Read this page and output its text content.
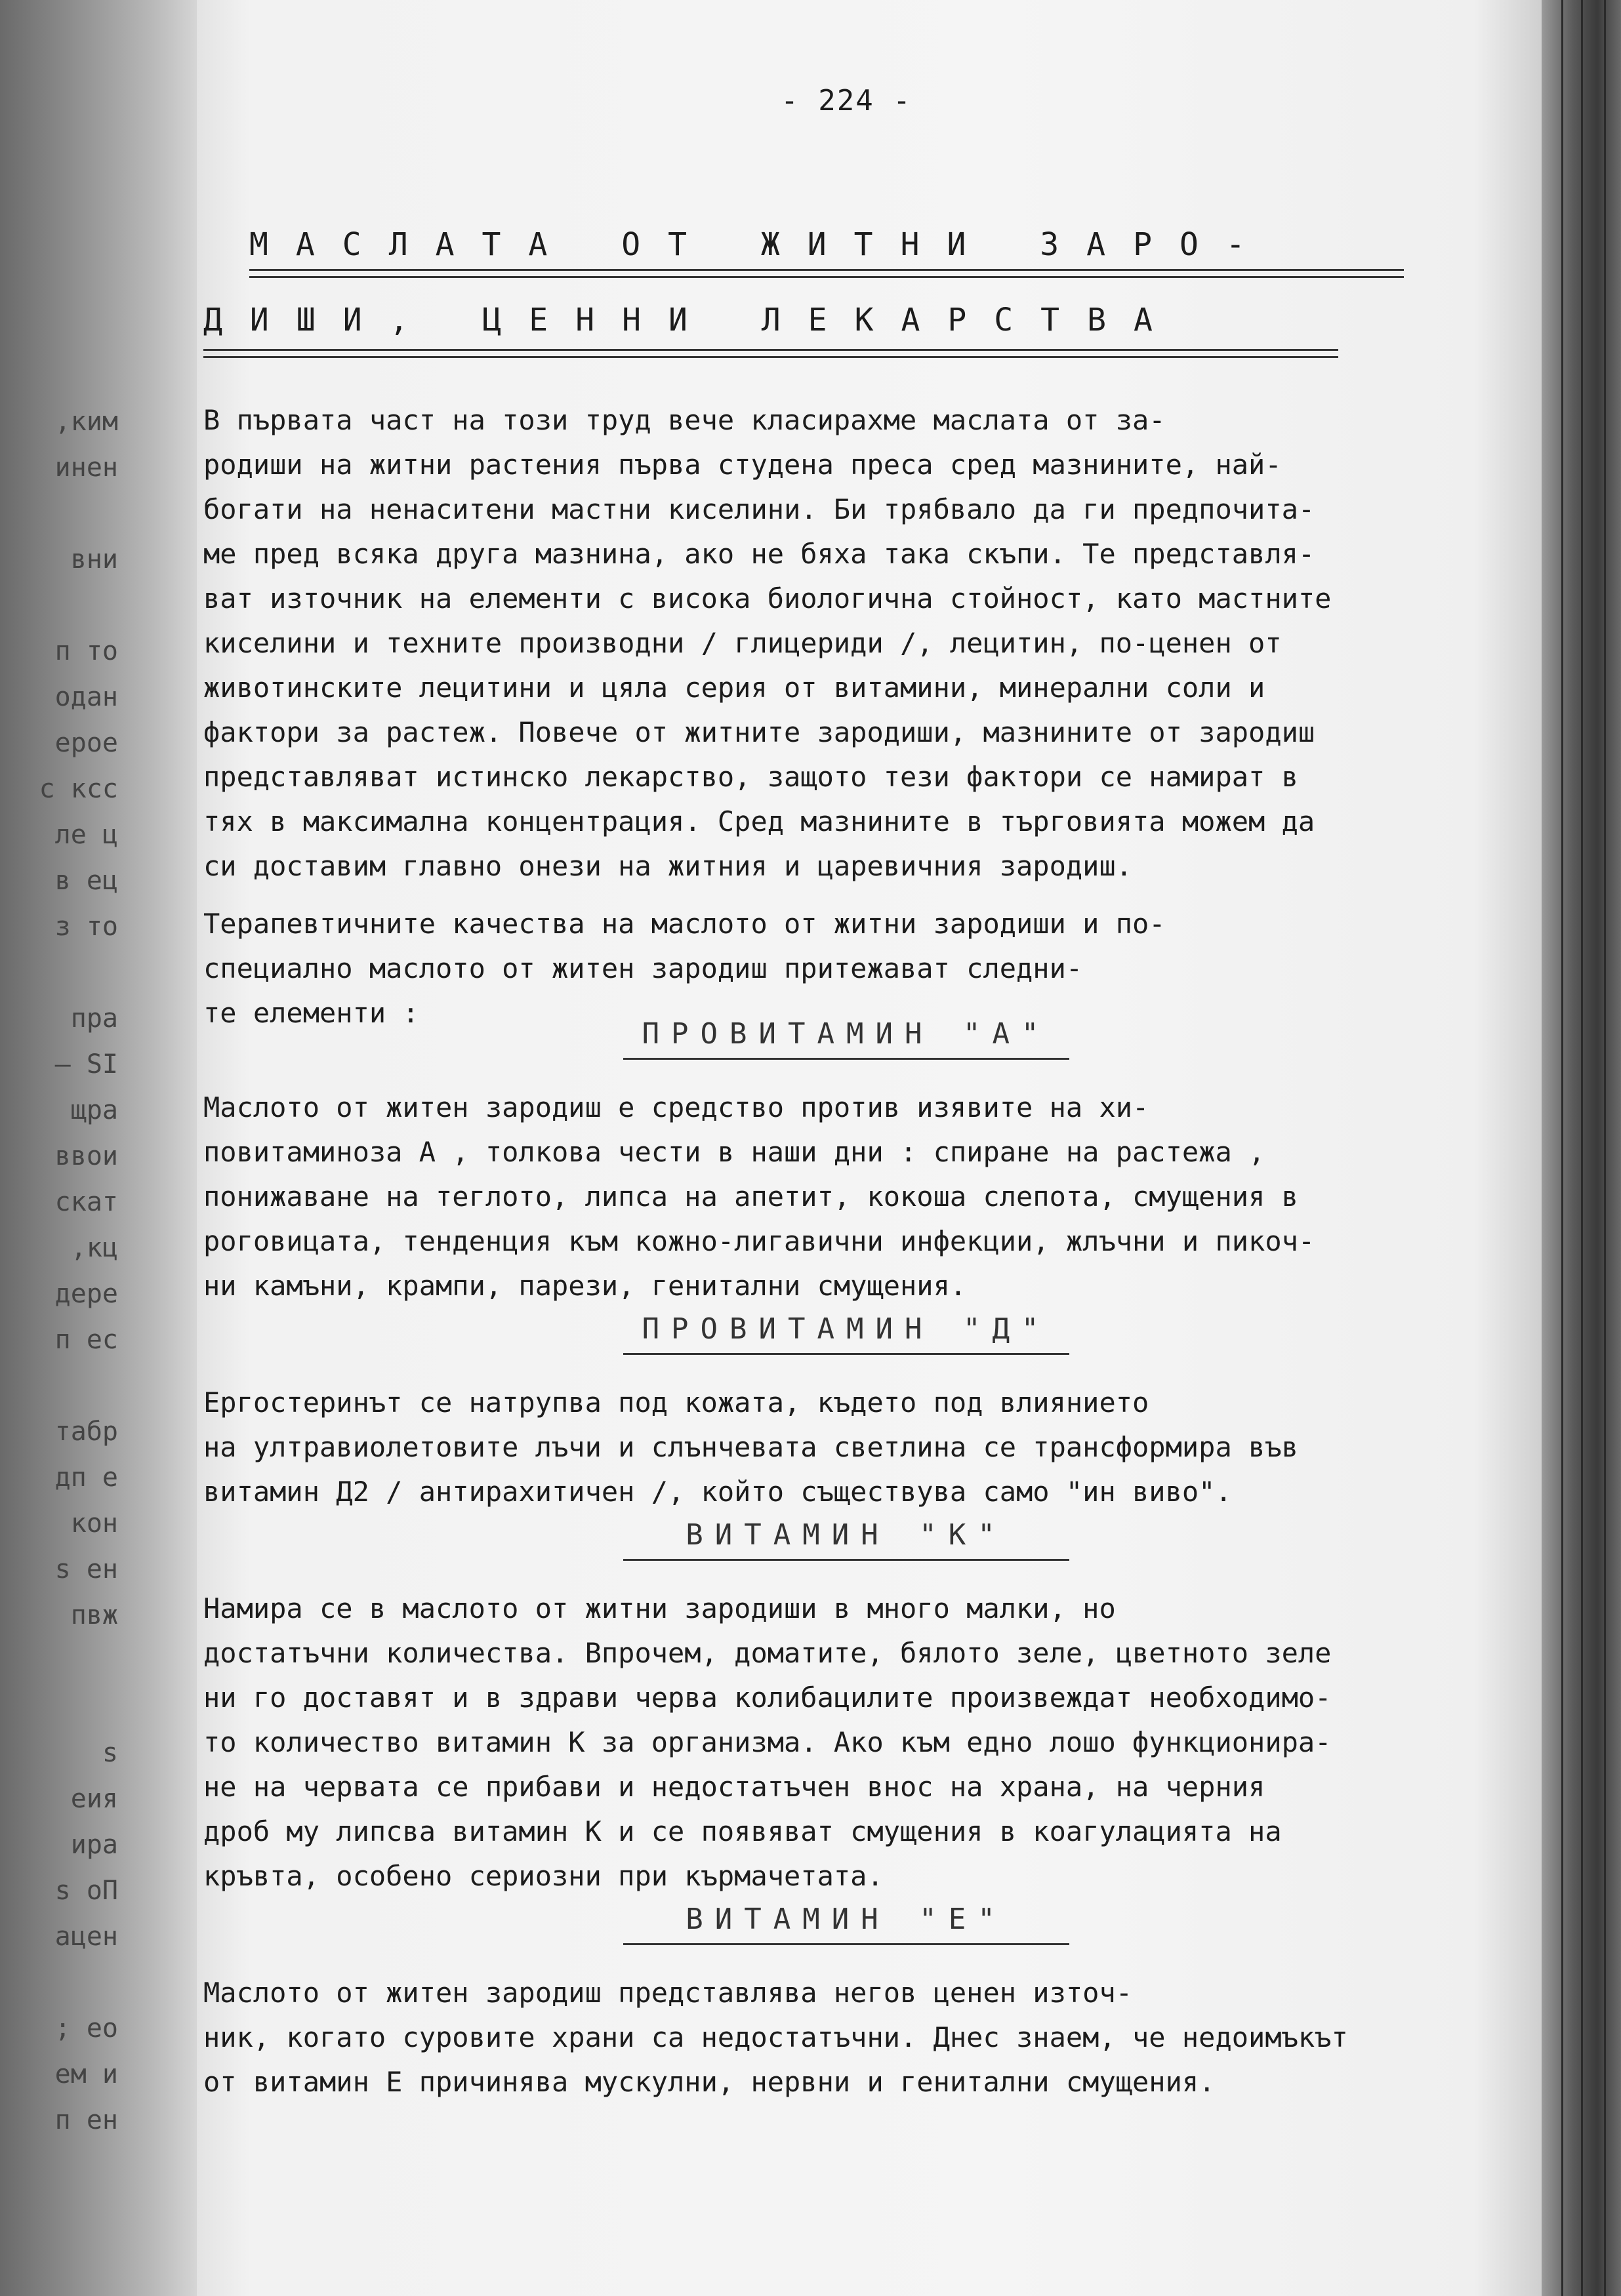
,ким
инен
вни
п то
одан
ерое
с ксс
ле ц
в ец
з то
пра
– SI
щра
ввои
скат
,кц
деpe
п ес
табр
дп е
кон
s eн
пвж
s
еия
ира
s оП
ацен
; ео
ем и
п ен
- 224 -
МАСЛАТА ОТ ЖИТНИ ЗАРО-
ДИШИ, ЦЕННИ ЛЕКАРСТВА
В първата част на този труд вече класирахме маслата от за-
родиши на житни растения първа студена преса сред мазнините, най-
богати на ненаситени мастни киселини. Би трябвало да ги предпочита-
ме пред всяка друга мазнина, ако не бяха така скъпи. Те представля-
ват източник на елементи с висока биологична стойност, като мастните
киселини и техните производни / глицериди /, лецитин, по-ценен от
животинските лецитини и цяла серия от витамини, минерални соли и
фактори за растеж. Повече от житните зародиши, мазнините от зародиш
представляват истинско лекарство, защото тези фактори се намират в
тях в максимална концентрация. Сред мазнините в търговията можем да
си доставим главно онези на житния и царевичния зародиш.
Терапевтичните качества на маслото от житни зародиши и по-
специално маслото от житен зародиш притежават следни-
те елементи :
ПРОВИТАМИН "А"
Маслото от житен зародиш е средство против изявите на хи-
повитаминоза А , толкова чести в наши дни : спиране на растежа ,
понижаване на теглото, липса на апетит, кокоша слепота, смущения в
роговицата, тенденция към кожно-лигавични инфекции, жлъчни и пикоч-
ни камъни, крампи, парези, генитални смущения.
ПРОВИТАМИН "Д"
Ергостеринът се натрупва под кожата, където под влиянието
на ултравиолетовите лъчи и слънчевата светлина се трансформира във
витамин Д2 / антирахитичен /, който съществува само "ин виво".
ВИТАМИН "К"
Намира се в маслото от житни зародиши в много малки, но
достатъчни количества. Впрочем, доматите, бялото зеле, цветното зеле
ни го доставят и в здрави черва колибацилите произвеждат необходимо-
то количество витамин К за организма. Ако към едно лошо функционира-
не на червата се прибави и недостатъчен внос на храна, на черния
дроб му липсва витамин К и се появяват смущения в коагулацията на
кръвта, особено сериозни при кърмачетата.
ВИТАМИН "Е"
Маслото от житен зародиш представлява негов ценен източ-
ник, когато суровите храни са недостатъчни. Днес знаем, че недоимъкът
от витамин Е причинява мускулни, нервни и генитални смущения.
